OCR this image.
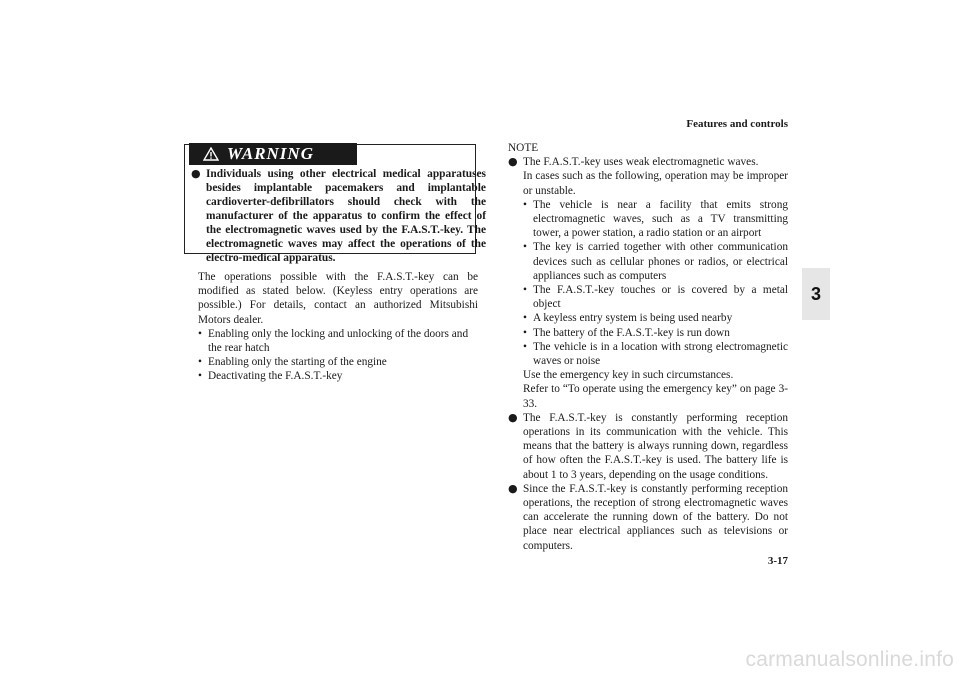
Features and controls
3
WARNING
● Individuals using other electrical medical apparatuses besides implantable pacemakers and implantable cardioverter-defibrillators should check with the manufacturer of the apparatus to confirm the effect of the electromagnetic waves used by the F.A.S.T.-key. The electromagnetic waves may affect the operations of the electro-medical apparatus.

The operations possible with the F.A.S.T.-key can be modified as stated below. (Keyless entry operations are possible.) For details, contact an authorized Mitsubishi Motors dealer.

• Enabling only the locking and unlocking of the doors and the rear hatch

• Enabling only the starting of the engine

• Deactivating the F.A.S.T.-key

NOTE

● The F.A.S.T.-key uses weak electromagnetic waves.

In cases such as the following, operation may be improper or unstable.

• The vehicle is near a facility that emits strong electromagnetic waves, such as a TV transmitting tower, a power station, a radio station or an airport

• The key is carried together with other communication devices such as cellular phones or radios, or electrical appliances such as computers

• The F.A.S.T.-key touches or is covered by a metal object

• A keyless entry system is being used nearby

• The battery of the F.A.S.T.-key is run down

• The vehicle is in a location with strong electromagnetic waves or noise

Use the emergency key in such circumstances.

Refer to “To operate using the emergency key” on page 3-33.

● The F.A.S.T.-key is constantly performing reception operations in its communication with the vehicle. This means that the battery is always running down, regardless of how often the F.A.S.T.-key is used. The battery life is about 1 to 3 years, depending on the usage conditions.

● Since the F.A.S.T.-key is constantly performing reception operations, the reception of strong electromagnetic waves can accelerate the running down of the battery. Do not place near electrical appliances such as televisions or computers.

3-17
carmanualsonline.info
